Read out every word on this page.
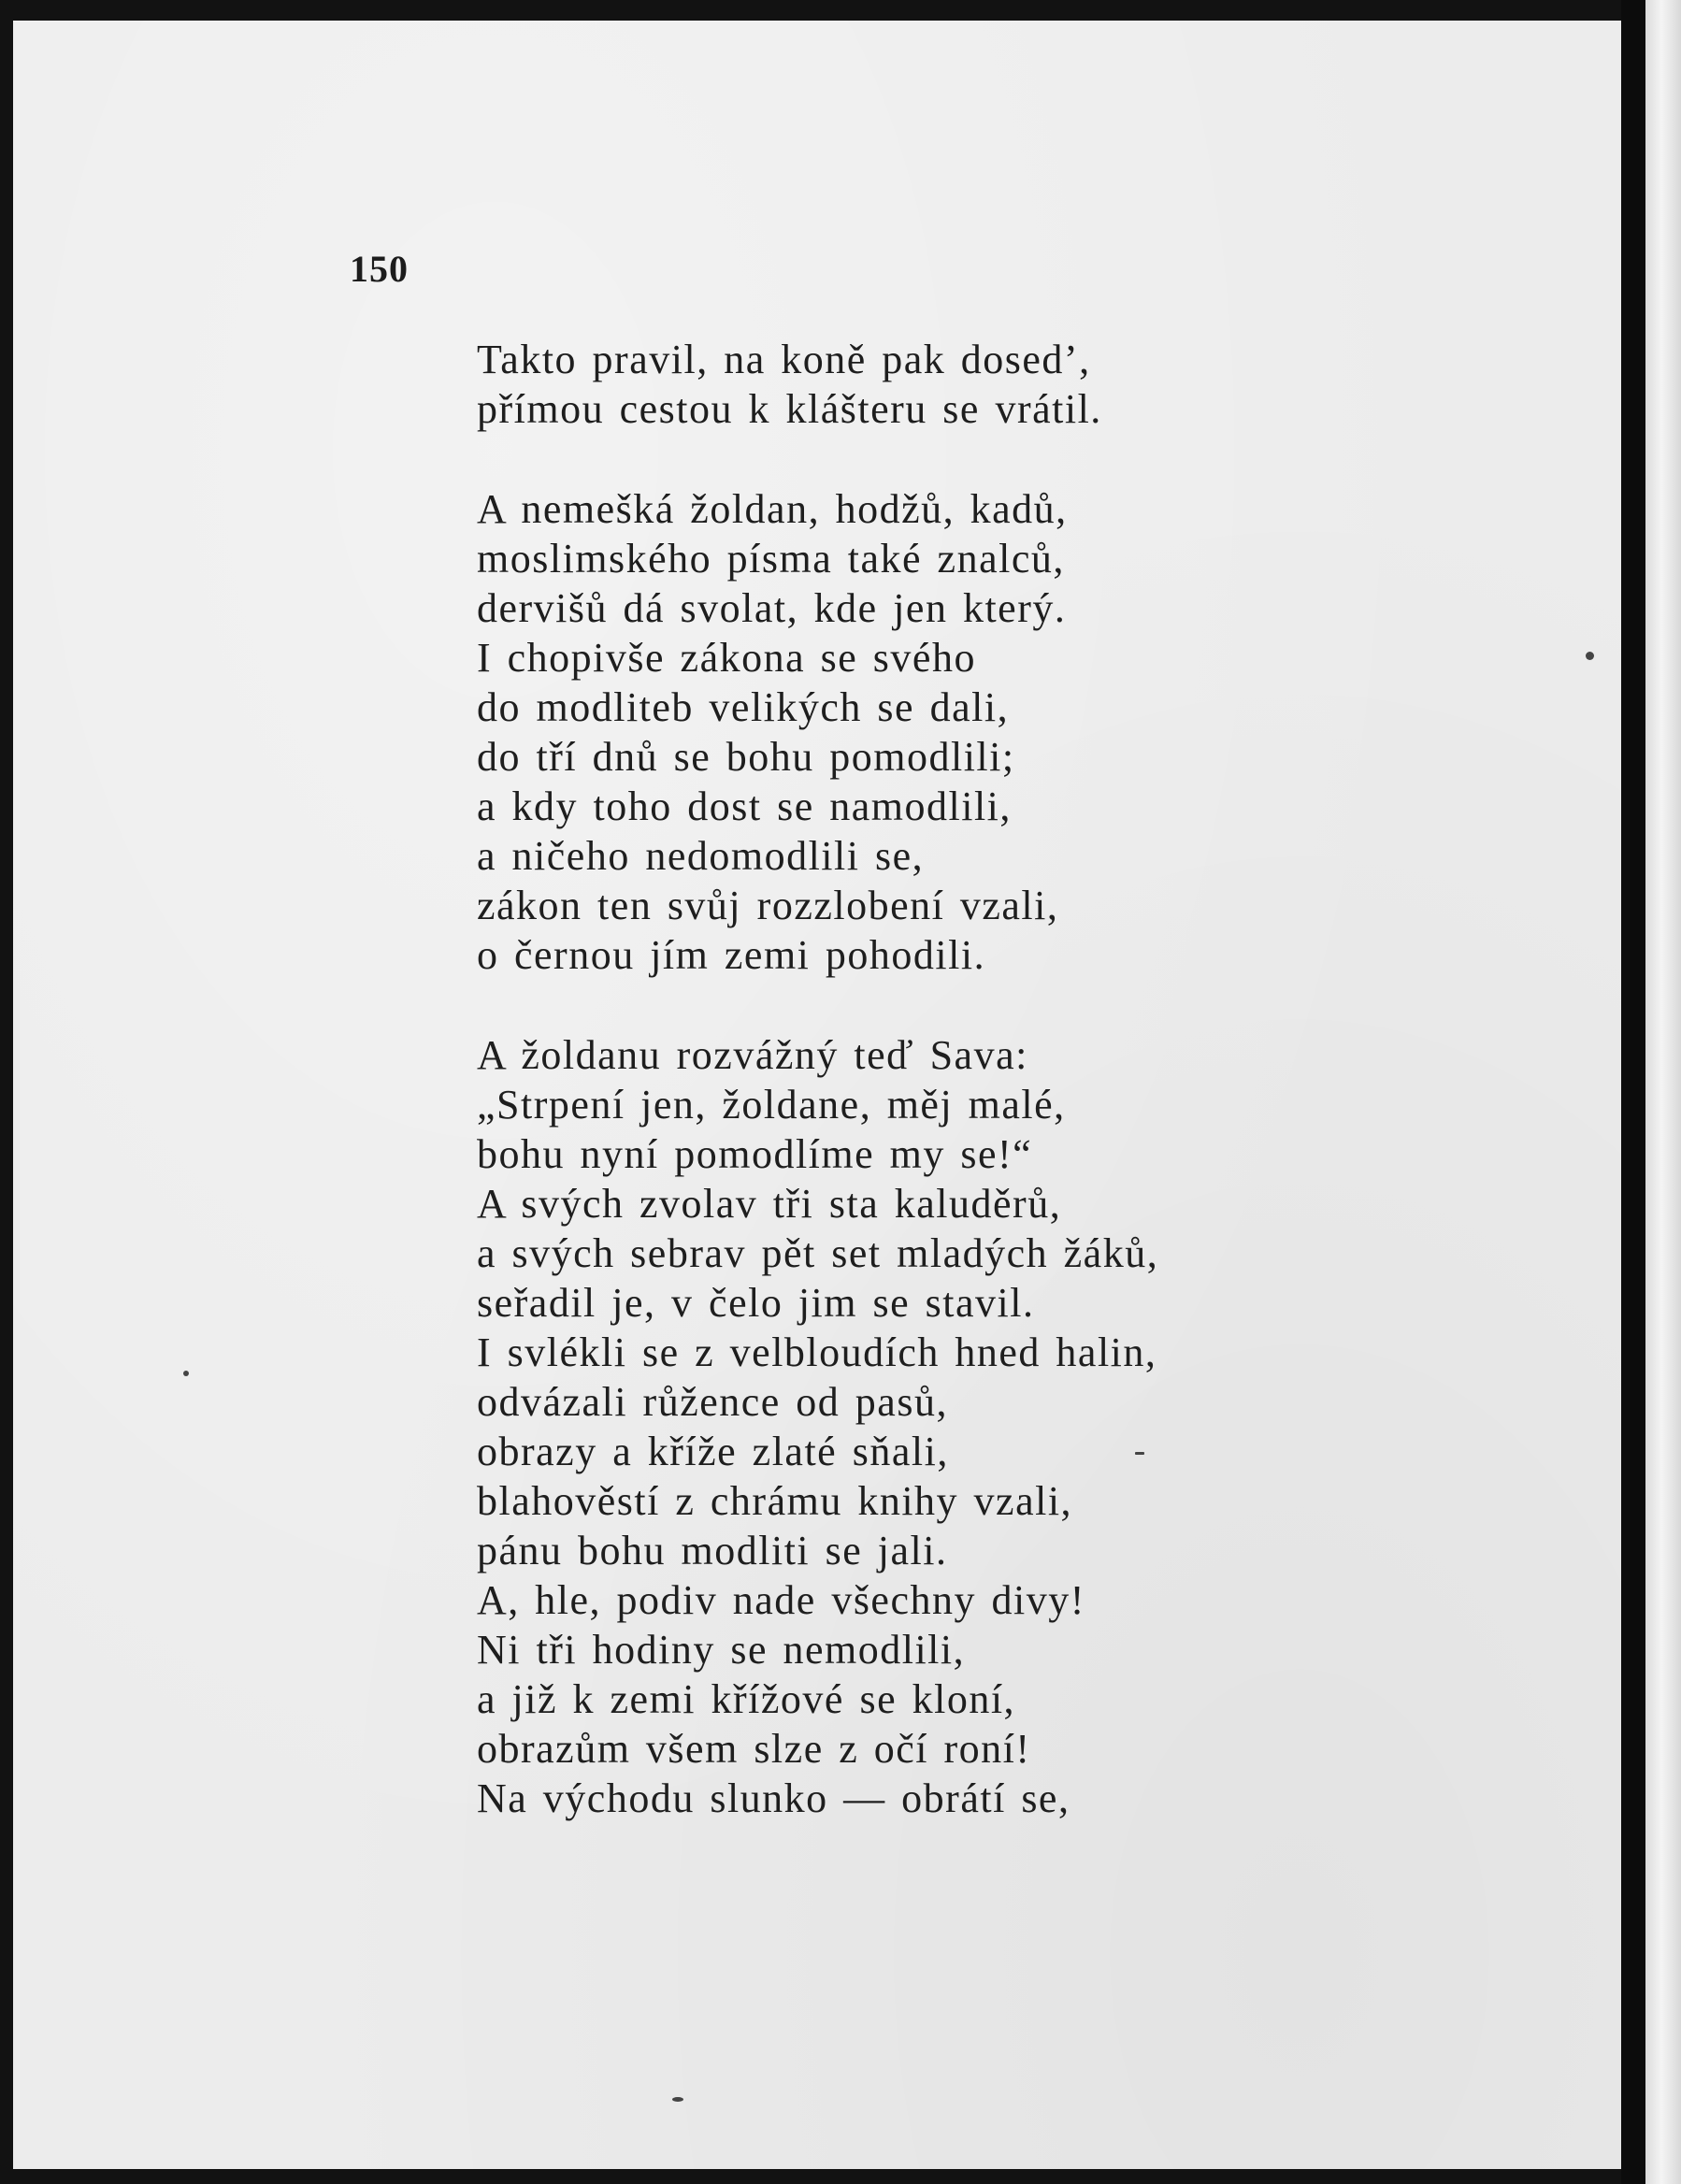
150
Takto pravil, na koně pak dosed’,
přímou cestou k klášteru se vrátil.
A nemešká žoldan, hodžů, kadů,
moslimského písma také znalců,
dervišů dá svolat, kde jen který.
I chopivše zákona se svého
do modliteb velikých se dali,
do tří dnů se bohu pomodlili;
a kdy toho dost se namodlili,
a ničeho nedomodlili se,
zákon ten svůj rozzlobení vzali,
o černou jím zemi pohodili.
A žoldanu rozvážný teď Sava:
„Strpení jen, žoldane, měj malé,
bohu nyní pomodlíme my se!“
A svých zvolav tři sta kaluděrů,
a svých sebrav pět set mladých žáků,
seřadil je, v čelo jim se stavil.
I svlékli se z velbloudích hned halin,
odvázali růžence od pasů,
obrazy a kříže zlaté sňali,
blahověstí z chrámu knihy vzali,
pánu bohu modliti se jali.
A, hle, podiv nade všechny divy!
Ni tři hodiny se nemodlili,
a již k zemi křížové se kloní,
obrazům všem slze z očí roní!
Na východu slunko — obrátí se,
